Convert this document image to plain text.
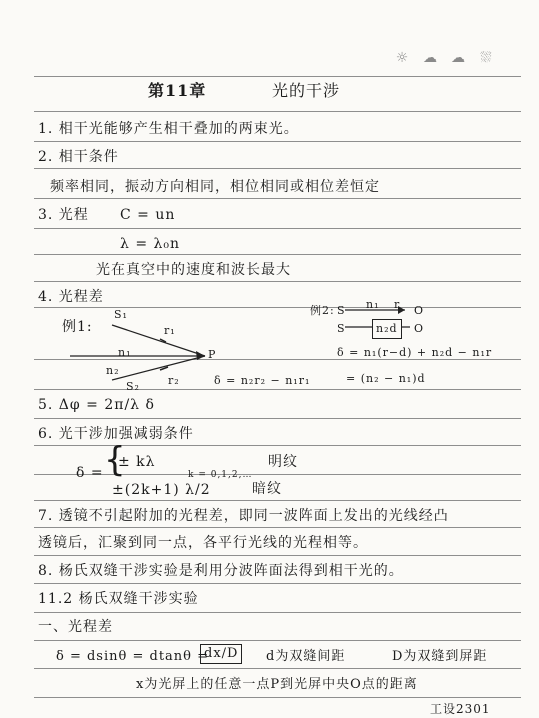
☼ ☁ ☁ ⛆
第11章	光的干涉
1. 相干光能够产生相干叠加的两束光。
2. 相干条件
频率相同，振动方向相同，相位相同或相位差恒定
3. 光程 C = un
λ = λ₀n
光在真空中的速度和波长最大
4. 光程差
例1:
S₁
r₁
n₁
n₂
S₂	r₂
P
δ = n₂r₂ − n₁r₁
例2: S n₁ r O
S	n₂d	O
δ = n₁(r−d) + n₂d − n₁r
= (n₂ − n₁)d
5. Δφ = 2π/λ δ
6. 光干涉加强减弱条件
δ = {
± kλ
±(2k+1) λ/2
k = 0,1,2,…
明纹
暗纹
7. 透镜不引起附加的光程差，即同一波阵面上发出的光线经凸
透镜后，汇聚到同一点，各平行光线的光程相等。
8. 杨氏双缝干涉实验是利用分波阵面法得到相干光的。
11.2 杨氏双缝干涉实验
一、光程差
δ = dsinθ = dtanθ =
dx/D	d为双缝间距	D为双缝到屏距
x为光屏上的任意一点P到光屏中央O点的距离
工设2301
